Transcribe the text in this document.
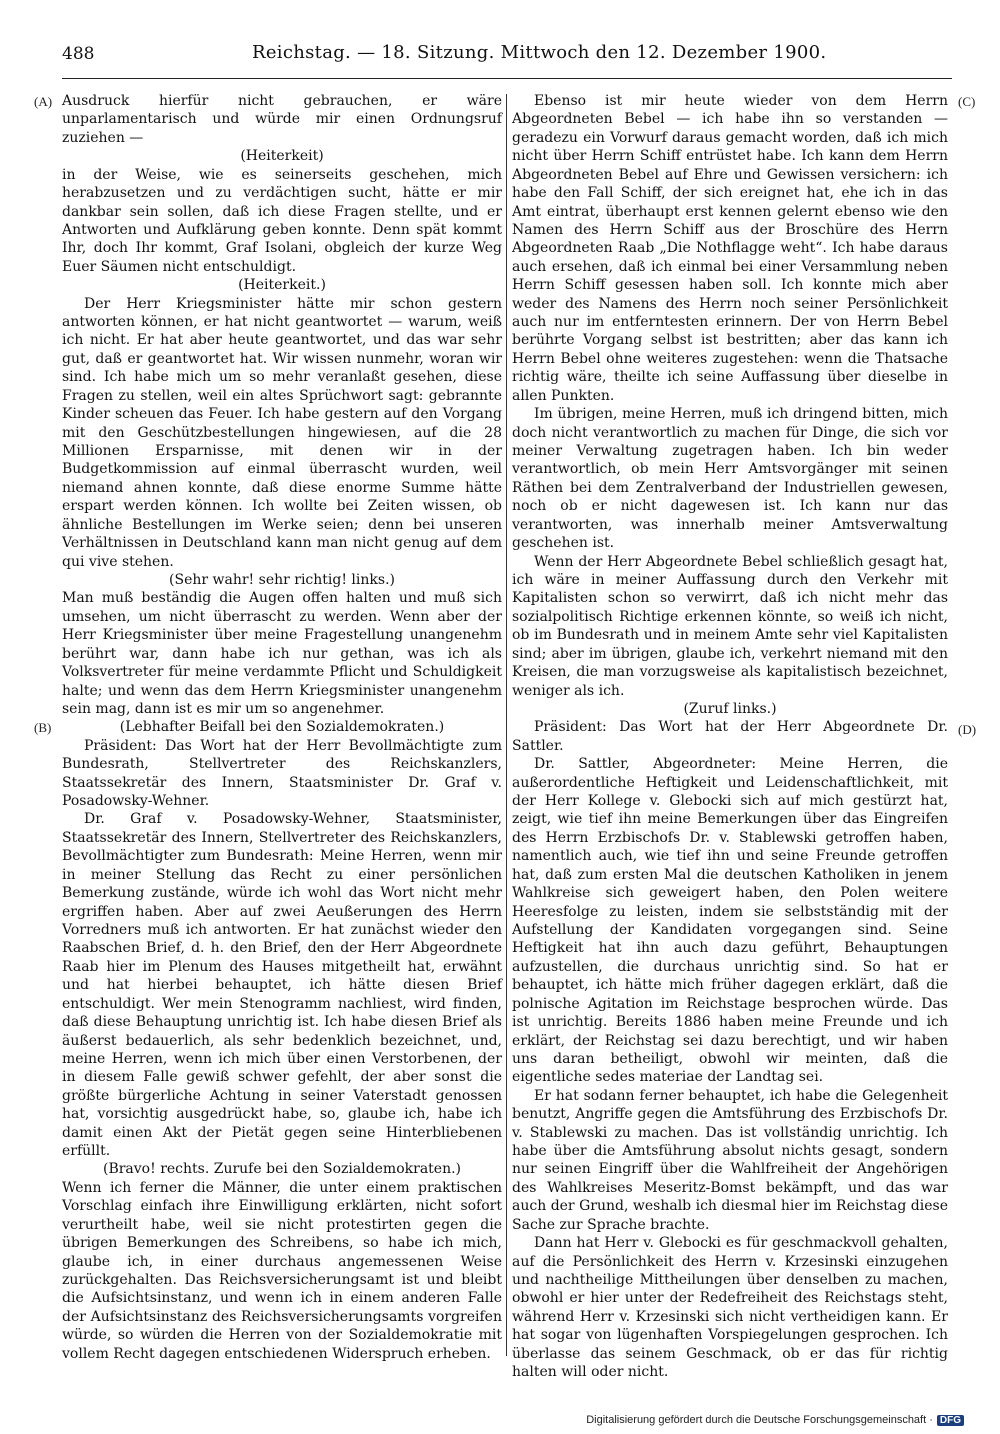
488	Reichstag. — 18. Sitzung. Mittwoch den 12. Dezember 1900.
(A)
(B)
(C)
(D)

Ausdruck hierfür nicht gebrauchen, er wäre unparlamentarisch und würde mir einen Ordnungsruf zuziehen —

(Heiterkeit)

in der Weise, wie es seinerseits geschehen, mich herabzusetzen und zu verdächtigen sucht, hätte er mir dankbar sein sollen, daß ich diese Fragen stellte, und er Antworten und Aufklärung geben konnte. Denn spät kommt Ihr, doch Ihr kommt, Graf Isolani, obgleich der kurze Weg Euer Säumen nicht entschuldigt.

(Heiterkeit.)

Der Herr Kriegsminister hätte mir schon gestern antworten können, er hat nicht geantwortet — warum, weiß ich nicht. Er hat aber heute geantwortet, und das war sehr gut, daß er geantwortet hat. Wir wissen nunmehr, woran wir sind. Ich habe mich um so mehr veranlaßt gesehen, diese Fragen zu stellen, weil ein altes Sprüchwort sagt: gebrannte Kinder scheuen das Feuer. Ich habe gestern auf den Vorgang mit den Geschützbestellungen hingewiesen, auf die 28 Millionen Ersparnisse, mit denen wir in der Budgetkommission auf einmal überrascht wurden, weil niemand ahnen konnte, daß diese enorme Summe hätte erspart werden können. Ich wollte bei Zeiten wissen, ob ähnliche Bestellungen im Werke seien; denn bei unseren Verhältnissen in Deutschland kann man nicht genug auf dem qui vive stehen.

(Sehr wahr! sehr richtig! links.)

Man muß beständig die Augen offen halten und muß sich umsehen, um nicht überrascht zu werden. Wenn aber der Herr Kriegsminister über meine Fragestellung unangenehm berührt war, dann habe ich nur gethan, was ich als Volksvertreter für meine verdammte Pflicht und Schuldigkeit halte; und wenn das dem Herrn Kriegsminister unangenehm sein mag, dann ist es mir um so angenehmer.

(Lebhafter Beifall bei den Sozialdemokraten.)

Präsident: Das Wort hat der Herr Bevollmächtigte zum Bundesrath, Stellvertreter des Reichskanzlers, Staatssekretär des Innern, Staatsminister Dr. Graf v. Posadowsky-Wehner.

Dr. Graf v. Posadowsky-Wehner, Staatsminister, Staatssekretär des Innern, Stellvertreter des Reichskanzlers, Bevollmächtigter zum Bundesrath: Meine Herren, wenn mir in meiner Stellung das Recht zu einer persönlichen Bemerkung zustände, würde ich wohl das Wort nicht mehr ergriffen haben. Aber auf zwei Aeußerungen des Herrn Vorredners muß ich antworten. Er hat zunächst wieder den Raabschen Brief, d. h. den Brief, den der Herr Abgeordnete Raab hier im Plenum des Hauses mitgetheilt hat, erwähnt und hat hierbei behauptet, ich hätte diesen Brief entschuldigt. Wer mein Stenogramm nachliest, wird finden, daß diese Behauptung unrichtig ist. Ich habe diesen Brief als äußerst bedauerlich, als sehr bedenklich bezeichnet, und, meine Herren, wenn ich mich über einen Verstorbenen, der in diesem Falle gewiß schwer gefehlt, der aber sonst die größte bürgerliche Achtung in seiner Vaterstadt genossen hat, vorsichtig ausgedrückt habe, so, glaube ich, habe ich damit einen Akt der Pietät gegen seine Hinterbliebenen erfüllt.

(Bravo! rechts. Zurufe bei den Sozialdemokraten.)

Wenn ich ferner die Männer, die unter einem praktischen Vorschlag einfach ihre Einwilligung erklärten, nicht sofort verurtheilt habe, weil sie nicht protestirten gegen die übrigen Bemerkungen des Schreibens, so habe ich mich, glaube ich, in einer durchaus angemessenen Weise zurückgehalten. Das Reichsversicherungsamt ist und bleibt die Aufsichtsinstanz, und wenn ich in einem anderen Falle der Aufsichtsinstanz des Reichsversicherungsamts vorgreifen würde, so würden die Herren von der Sozialdemokratie mit vollem Recht dagegen entschiedenen Widerspruch erheben.

Ebenso ist mir heute wieder von dem Herrn Abgeordneten Bebel — ich habe ihn so verstanden — geradezu ein Vorwurf daraus gemacht worden, daß ich mich nicht über Herrn Schiff entrüstet habe. Ich kann dem Herrn Abgeordneten Bebel auf Ehre und Gewissen versichern: ich habe den Fall Schiff, der sich ereignet hat, ehe ich in das Amt eintrat, überhaupt erst kennen gelernt ebenso wie den Namen des Herrn Schiff aus der Broschüre des Herrn Abgeordneten Raab „Die Nothflagge weht“. Ich habe daraus auch ersehen, daß ich einmal bei einer Versammlung neben Herrn Schiff gesessen haben soll. Ich konnte mich aber weder des Namens des Herrn noch seiner Persönlichkeit auch nur im entferntesten erinnern. Der von Herrn Bebel berührte Vorgang selbst ist bestritten; aber das kann ich Herrn Bebel ohne weiteres zugestehen: wenn die Thatsache richtig wäre, theilte ich seine Auffassung über dieselbe in allen Punkten.

Im übrigen, meine Herren, muß ich dringend bitten, mich doch nicht verantwortlich zu machen für Dinge, die sich vor meiner Verwaltung zugetragen haben. Ich bin weder verantwortlich, ob mein Herr Amtsvorgänger mit seinen Räthen bei dem Zentralverband der Industriellen gewesen, noch ob er nicht dagewesen ist. Ich kann nur das verantworten, was innerhalb meiner Amtsverwaltung geschehen ist.

Wenn der Herr Abgeordnete Bebel schließlich gesagt hat, ich wäre in meiner Auffassung durch den Verkehr mit Kapitalisten schon so verwirrt, daß ich nicht mehr das sozialpolitisch Richtige erkennen könnte, so weiß ich nicht, ob im Bundesrath und in meinem Amte sehr viel Kapitalisten sind; aber im übrigen, glaube ich, verkehrt niemand mit den Kreisen, die man vorzugsweise als kapitalistisch bezeichnet, weniger als ich.

(Zuruf links.)

Präsident: Das Wort hat der Herr Abgeordnete Dr. Sattler.

Dr. Sattler, Abgeordneter: Meine Herren, die außerordentliche Heftigkeit und Leidenschaftlichkeit, mit der Herr Kollege v. Glebocki sich auf mich gestürzt hat, zeigt, wie tief ihn meine Bemerkungen über das Eingreifen des Herrn Erzbischofs Dr. v. Stablewski getroffen haben, namentlich auch, wie tief ihn und seine Freunde getroffen hat, daß zum ersten Mal die deutschen Katholiken in jenem Wahlkreise sich geweigert haben, den Polen weitere Heeresfolge zu leisten, indem sie selbstständig mit der Aufstellung der Kandidaten vorgegangen sind. Seine Heftigkeit hat ihn auch dazu geführt, Behauptungen aufzustellen, die durchaus unrichtig sind. So hat er behauptet, ich hätte mich früher dagegen erklärt, daß die polnische Agitation im Reichstage besprochen würde. Das ist unrichtig. Bereits 1886 haben meine Freunde und ich erklärt, der Reichstag sei dazu berechtigt, und wir haben uns daran betheiligt, obwohl wir meinten, daß die eigentliche sedes materiae der Landtag sei.

Er hat sodann ferner behauptet, ich habe die Gelegenheit benutzt, Angriffe gegen die Amtsführung des Erzbischofs Dr. v. Stablewski zu machen. Das ist vollständig unrichtig. Ich habe über die Amtsführung absolut nichts gesagt, sondern nur seinen Eingriff über die Wahlfreiheit der Angehörigen des Wahlkreises Meseritz-Bomst bekämpft, und das war auch der Grund, weshalb ich diesmal hier im Reichstag diese Sache zur Sprache brachte.

Dann hat Herr v. Glebocki es für geschmackvoll gehalten, auf die Persönlichkeit des Herrn v. Krzesinski einzugehen und nachtheilige Mittheilungen über denselben zu machen, obwohl er hier unter der Redefreiheit des Reichstags steht, während Herr v. Krzesinski sich nicht vertheidigen kann. Er hat sogar von lügenhaften Vorspiegelungen gesprochen. Ich überlasse das seinem Geschmack, ob er das für richtig halten will oder nicht.

Digitalisierung gefördert durch die Deutsche Forschungsgemeinschaft · DFG
